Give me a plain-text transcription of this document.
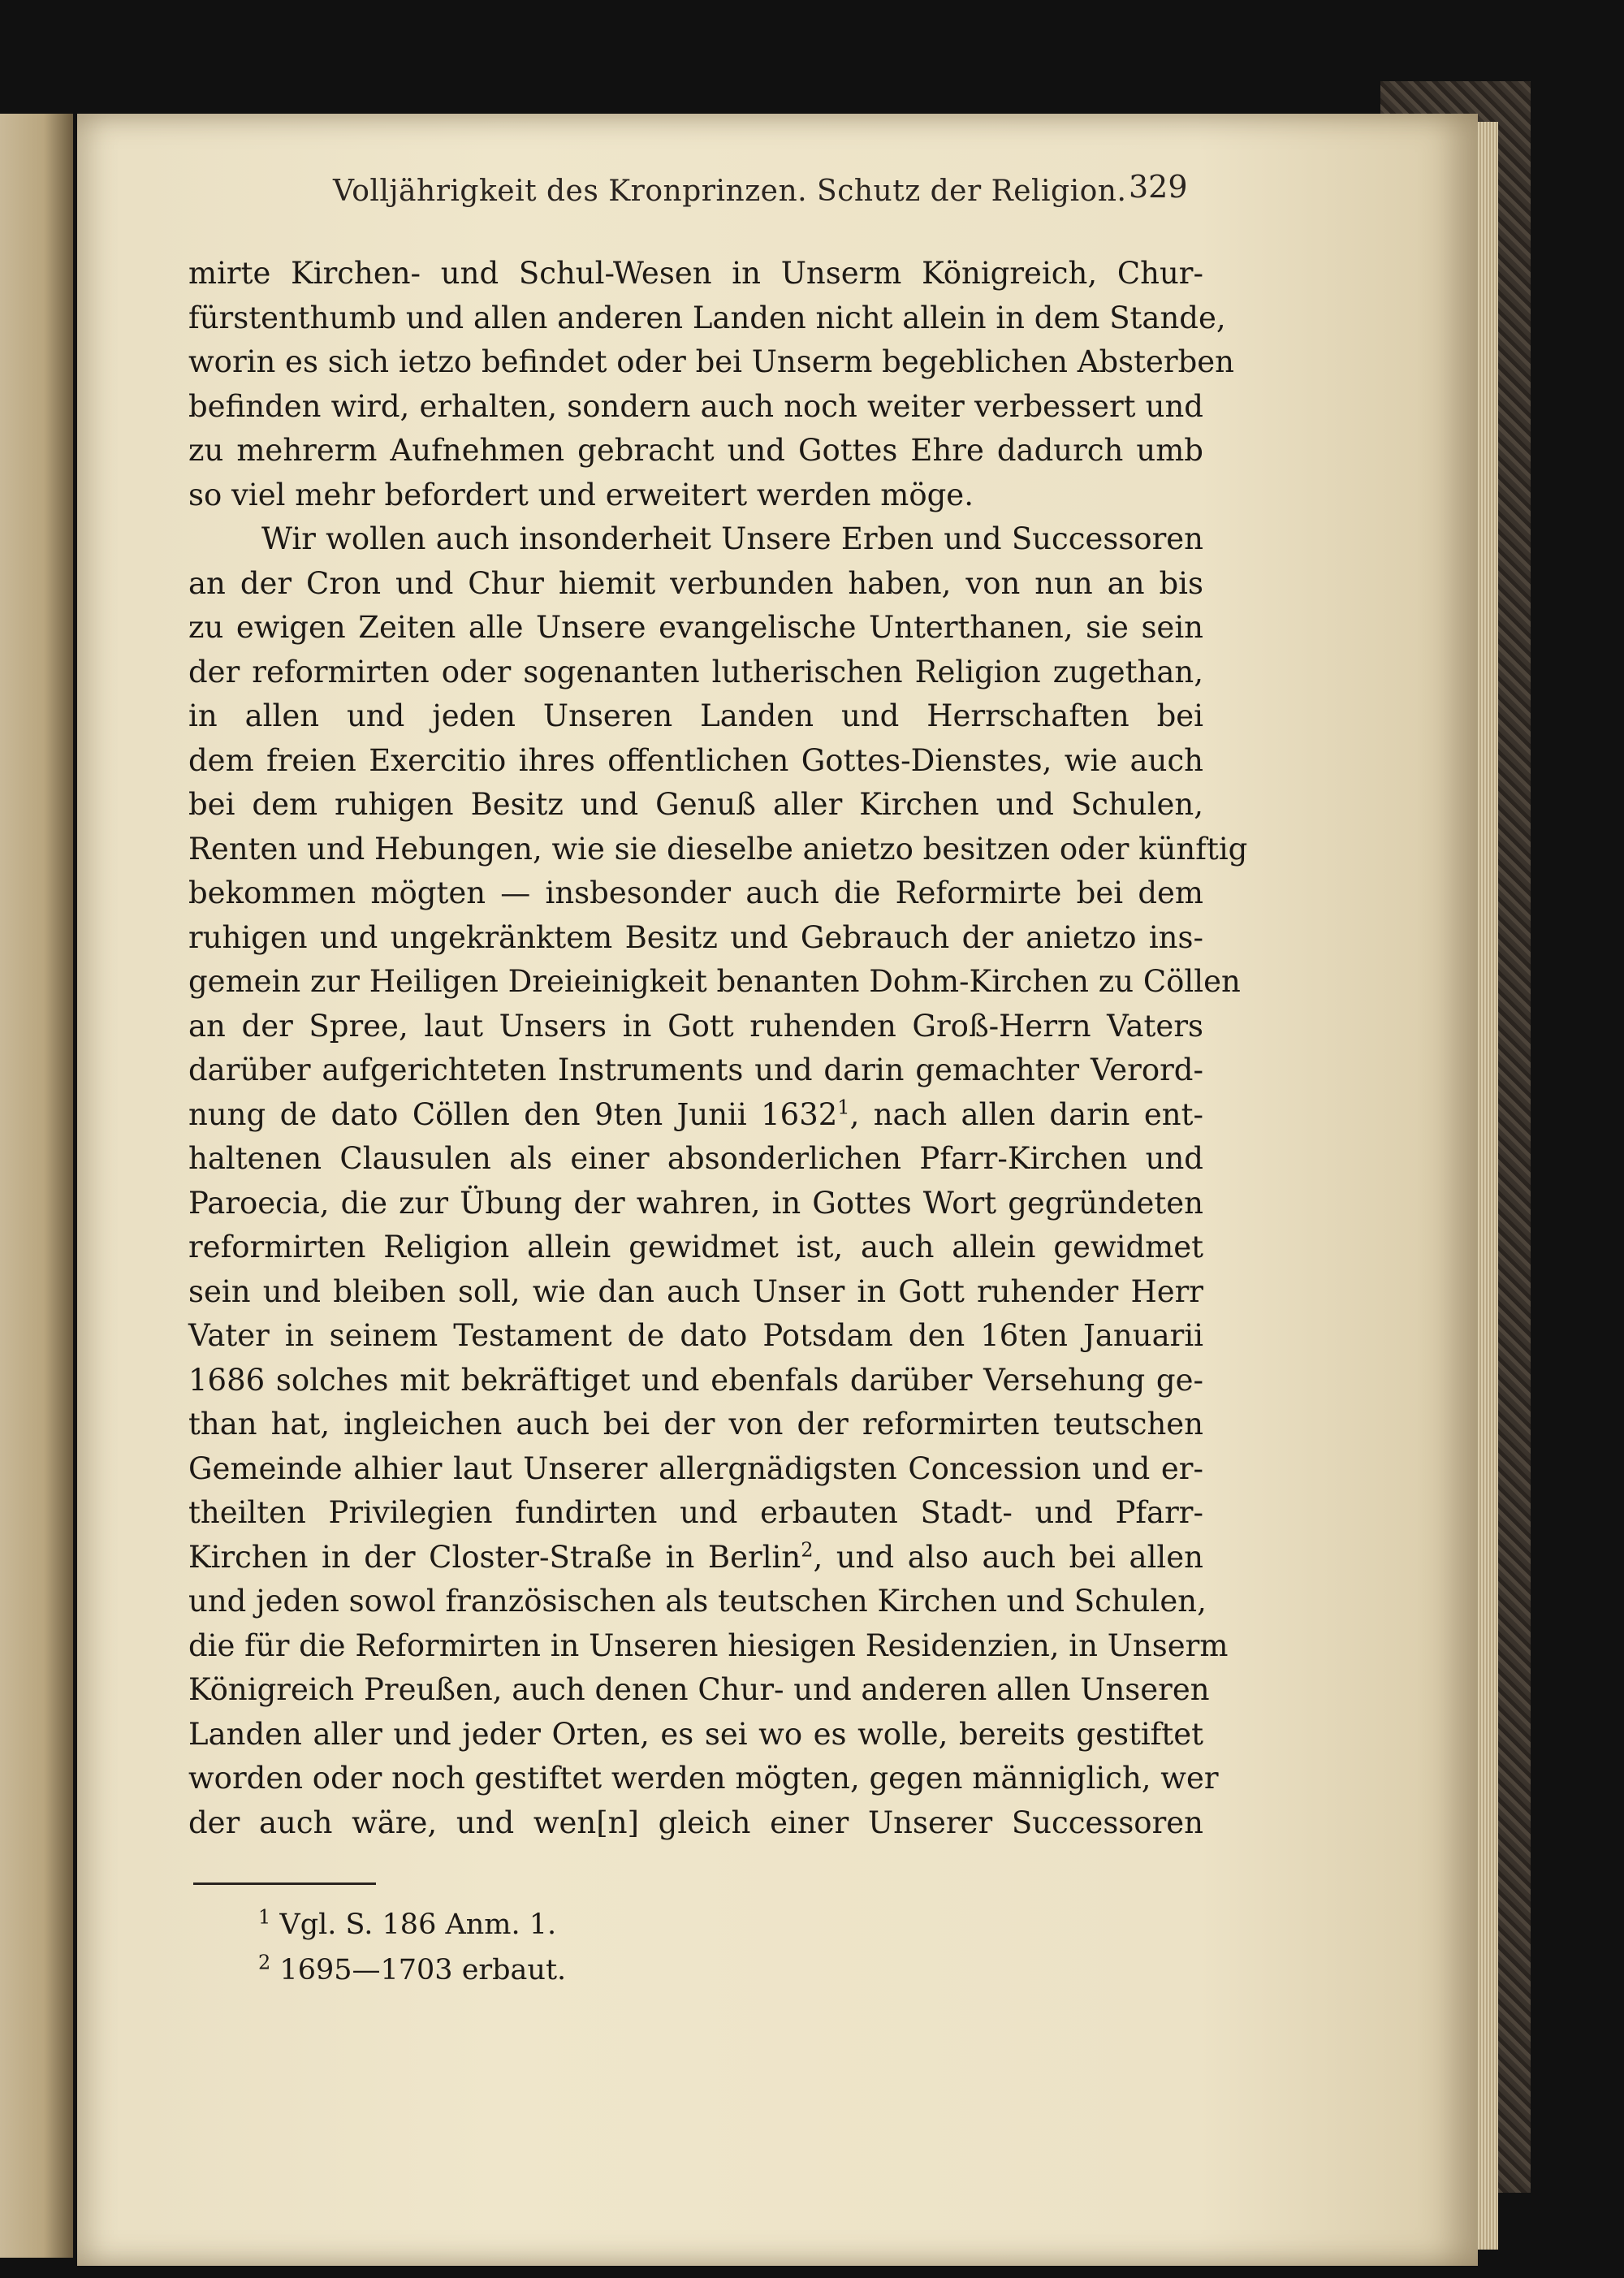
Volljährigkeit des Kronprinzen. Schutz der Religion. 329
mirte Kirchen- und Schul-Wesen in Unserm Königreich, Chur-
fürstenthumb und allen anderen Landen nicht allein in dem Stande,
worin es sich ietzo befindet oder bei Unserm begeblichen Absterben
befinden wird, erhalten, sondern auch noch weiter verbessert und
zu mehrerm Aufnehmen gebracht und Gottes Ehre dadurch umb
so viel mehr befordert und erweitert werden möge.
Wir wollen auch insonderheit Unsere Erben und Successoren
an der Cron und Chur hiemit verbunden haben, von nun an bis
zu ewigen Zeiten alle Unsere evangelische Unterthanen, sie sein
der reformirten oder sogenanten lutherischen Religion zugethan,
in allen und jeden Unseren Landen und Herrschaften bei
dem freien Exercitio ihres offentlichen Gottes-Dienstes, wie auch
bei dem ruhigen Besitz und Genuß aller Kirchen und Schulen,
Renten und Hebungen, wie sie dieselbe anietzo besitzen oder künftig
bekommen mögten — insbesonder auch die Reformirte bei dem
ruhigen und ungekränktem Besitz und Gebrauch der anietzo ins-
gemein zur Heiligen Dreieinigkeit benanten Dohm-Kirchen zu Cöllen
an der Spree, laut Unsers in Gott ruhenden Groß-Herrn Vaters
darüber aufgerichteten Instruments und darin gemachter Verord-
nung de dato Cöllen den 9ten Junii 1632$^1$, nach allen darin ent-
haltenen Clausulen als einer absonderlichen Pfarr-Kirchen und
Paroecia, die zur Übung der wahren, in Gottes Wort gegründeten
reformirten Religion allein gewidmet ist, auch allein gewidmet
sein und bleiben soll, wie dan auch Unser in Gott ruhender Herr
Vater in seinem Testament de dato Potsdam den 16ten Januarii
1686 solches mit bekräftiget und ebenfals darüber Versehung ge-
than hat, ingleichen auch bei der von der reformirten teutschen
Gemeinde alhier laut Unserer allergnädigsten Concession und er-
theilten Privilegien fundirten und erbauten Stadt- und Pfarr-
Kirchen in der Closter-Straße in Berlin$^2$, und also auch bei allen
und jeden sowol französischen als teutschen Kirchen und Schulen,
die für die Reformirten in Unseren hiesigen Residenzien, in Unserm
Königreich Preußen, auch denen Chur- und anderen allen Unseren
Landen aller und jeder Orten, es sei wo es wolle, bereits gestiftet
worden oder noch gestiftet werden mögten, gegen männiglich, wer
der auch wäre, und wen[n] gleich einer Unserer Successoren
$^1$ Vgl. S. 186 Anm. 1.
$^2$ 1695—1703 erbaut.
